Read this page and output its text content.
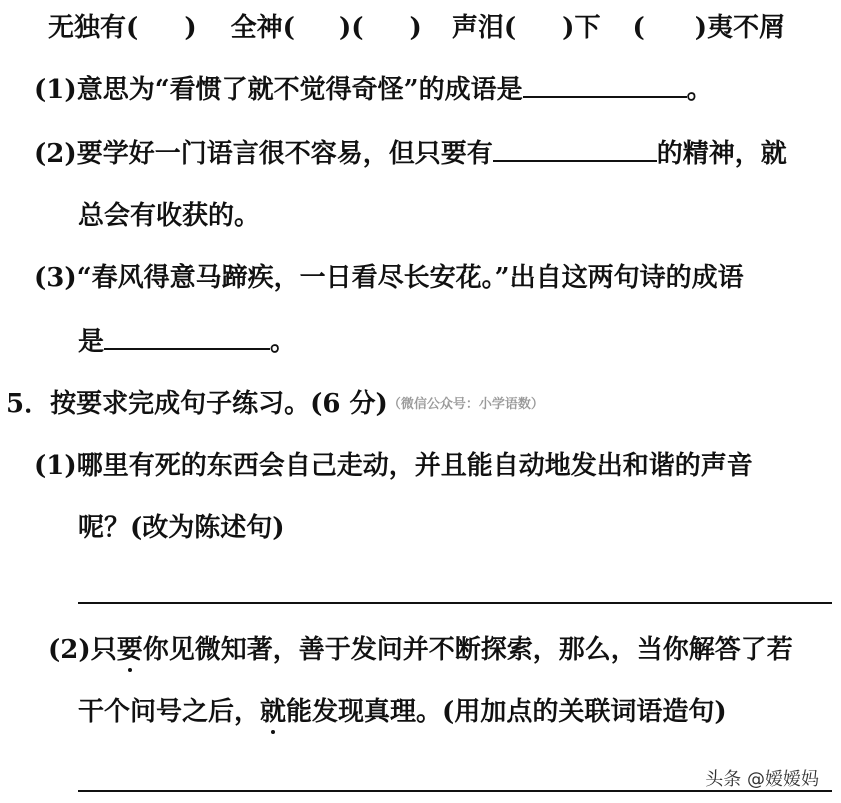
无独有( ) 全神( )( ) 声泪( )下 ( )夷不屑
(1)意思为“看惯了就不觉得奇怪”的成语是	。
(2)要学好一门语言很不容易，但只要有	的精神，就
总会有收获的。
(3)“春风得意马蹄疾，一日看尽长安花。”出自这两句诗的成语
是	。
5．按要求完成句子练习。(6 分)（微信公众号：小学语数）
(1)哪里有死的东西会自己走动，并且能自动地发出和谐的声音
呢？(改为陈述句)
(2)只要你见微知著，善于发问并不断探索，那么，当你解答了若
干个问号之后，就能发现真理。(用加点的关联词语造句)
头条 @嫒嫒妈
